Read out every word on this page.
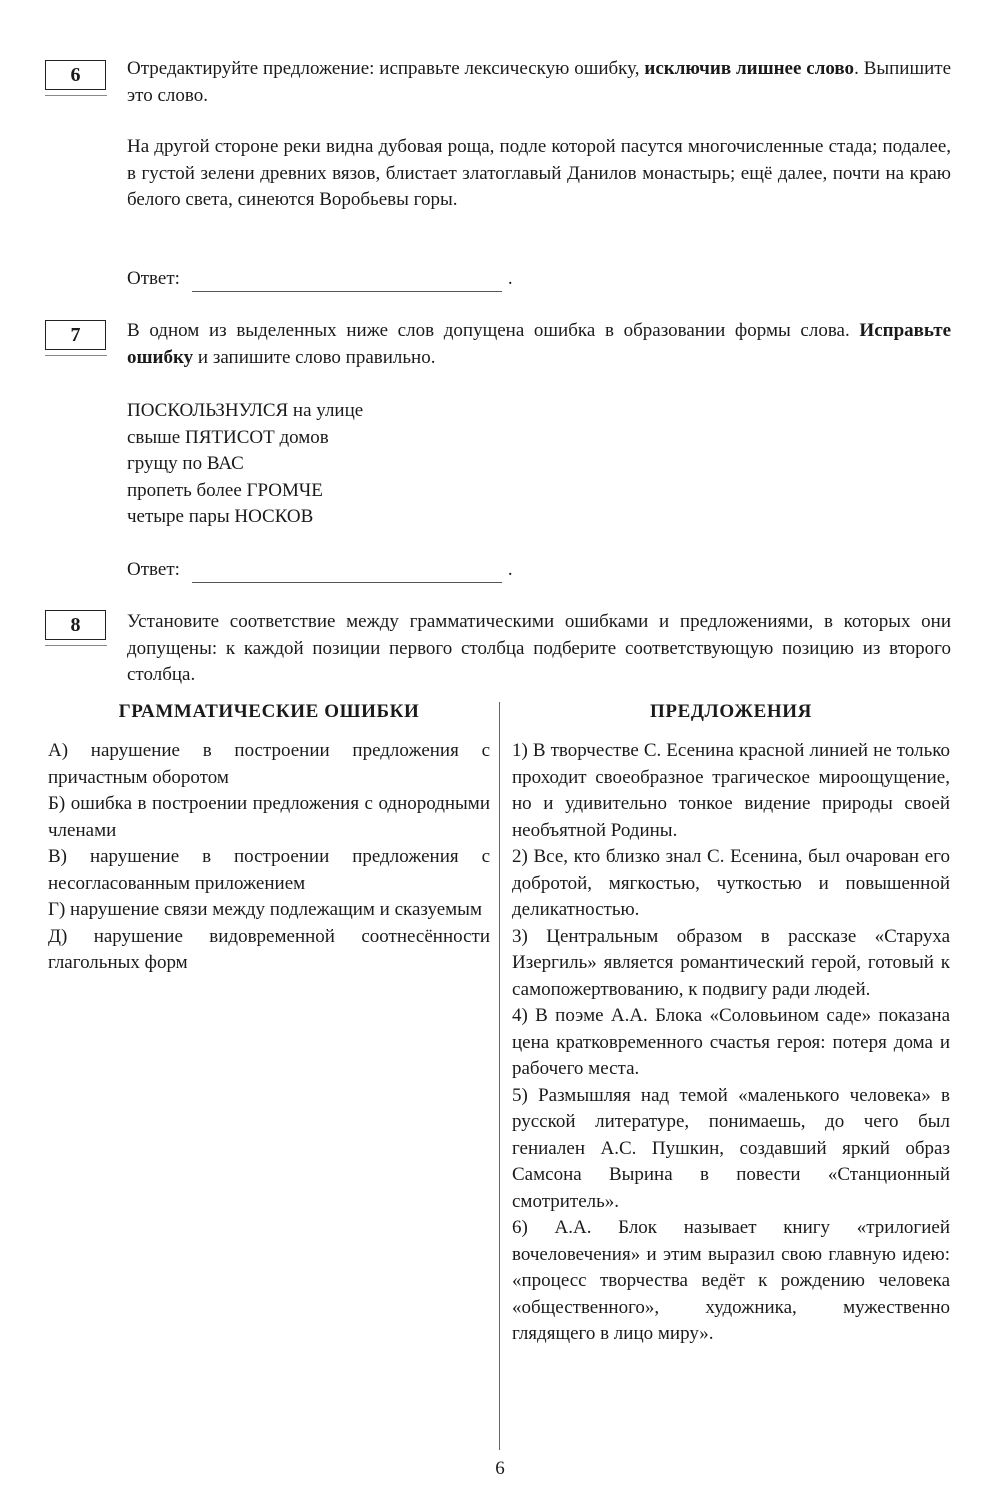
6	Отредактируйте предложение: исправьте лексическую ошибку, исключив лишнее слово. Выпишите это слово.

На другой стороне реки видна дубовая роща, подле которой пасутся многочисленные стада; подалее, в густой зелени древних вязов, блистает златоглавый Данилов монастырь; ещё далее, почти на краю белого света, синеются Воробьевы горы.

Ответ:	.
7	В одном из выделенных ниже слов допущена ошибка в образовании формы слова. Исправьте ошибку и запишите слово правильно.

ПОСКОЛЬЗНУЛСЯ на улице
свыше ПЯТИСОТ домов
грущу по ВАС
пропеть более ГРОМЧЕ
четыре пары НОСКОВ
Ответ:	.
8	Установите соответствие между грамматическими ошибками и предложениями, в которых они допущены: к каждой позиции первого столбца подберите соответствующую позицию из второго столбца.

ГРАММАТИЧЕСКИЕ ОШИБКИ	ПРЕДЛОЖЕНИЯ

А) нарушение в построении предложения с причастным оборотом

Б) ошибка в построении предложения с однородными членами

В) нарушение в построении предложения с несогласованным приложением

Г) нарушение связи между подлежащим и сказуемым

Д) нарушение видовременной соотнесённости глагольных форм

1) В творчестве С. Есенина красной линией не только проходит своеобразное трагическое мироощущение, но и удивительно тонкое видение природы своей необъятной Родины.

2) Все, кто близко знал С. Есенина, был очарован его добротой, мягкостью, чуткостью и повышенной деликатностью.

3) Центральным образом в рассказе «Старуха Изергиль» является романтический герой, готовый к самопожертвованию, к подвигу ради людей.

4) В поэме А.А. Блока «Соловьином саде» показана цена кратковременного счастья героя: потеря дома и рабочего места.

5) Размышляя над темой «маленького человека» в русской литературе, понимаешь, до чего был гениален А.С. Пушкин, создавший яркий образ Самсона Вырина в повести «Станционный смотритель».

6) А.А. Блок называет книгу «трилогией вочеловечения» и этим выразил свою главную идею: «процесс творчества ведёт к рождению человека «общественного», художника, мужественно глядящего в лицо миру».

6
